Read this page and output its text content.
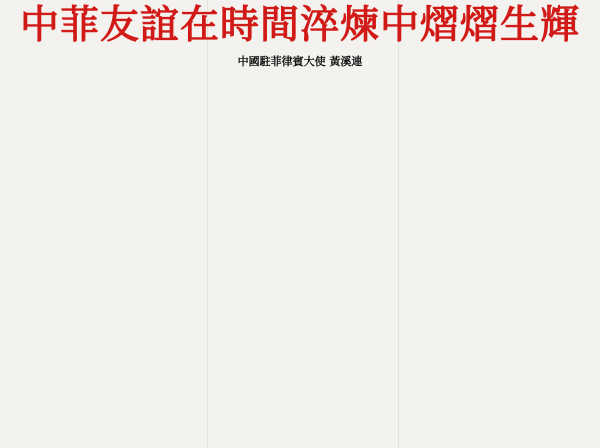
中菲友誼在時間淬煉中熠熠生輝
中國駐菲律賓大使 黃溪連
